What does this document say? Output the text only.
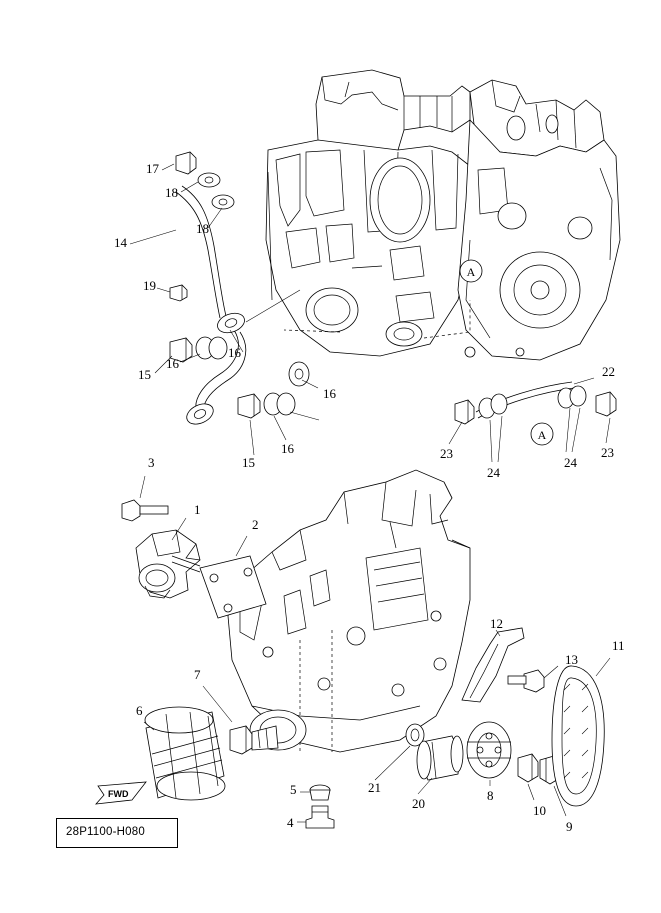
A
A
FWD
28P1100-H080
17
18
18
14
19
16
16
15
16
16
15
22
23
24
24
23
3
1
2
12
13
11
7
6
8
10
9
5	21
20
4
